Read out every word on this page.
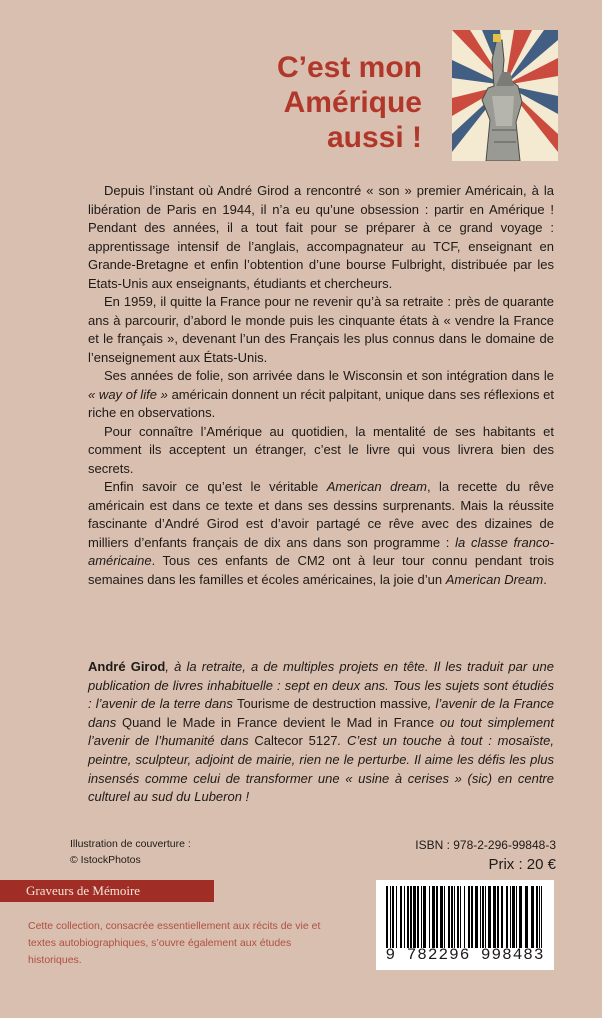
C’est mon
Amérique
aussi !

Depuis l’instant où André Girod a rencontré « son » premier Américain, à la libération de Paris en 1944, il n’a eu qu’une obsession : partir en Amérique ! Pendant des années, il a tout fait pour se préparer à ce grand voyage : apprentissage intensif de l’anglais, accompagnateur au TCF, enseignant en Grande-Bretagne et enfin l’obtention d’une bourse Fulbright, distribuée par les Etats-Unis aux enseignants, étudiants et chercheurs.

En 1959, il quitte la France pour ne revenir qu’à sa retraite : près de quarante ans à parcourir, d’abord le monde puis les cinquante états à « vendre la France et le français », devenant l’un des Français les plus connus dans le domaine de l’enseignement aux États-Unis.

Ses années de folie, son arrivée dans le Wisconsin et son intégration dans le « way of life » américain donnent un récit palpitant, unique dans ses réflexions et riche en observations.

Pour connaître l’Amérique au quotidien, la mentalité de ses habitants et comment ils acceptent un étranger, c’est le livre qui vous livrera bien des secrets.

Enfin savoir ce qu’est le véritable American dream, la recette du rêve américain est dans ce texte et dans ses dessins surprenants. Mais la réussite fascinante d’André Girod est d’avoir partagé ce rêve avec des dizaines de milliers d’enfants français de dix ans dans son programme : la classe franco-américaine. Tous ces enfants de CM2 ont à leur tour connu pendant trois semaines dans les familles et écoles américaines, la joie d’un American Dream.

André Girod, à la retraite, a de multiples projets en tête. Il les traduit par une publication de livres inhabituelle : sept en deux ans. Tous les sujets sont étudiés : l’avenir de la terre dans Tourisme de destruction massive, l’avenir de la France dans Quand le Made in France devient le Mad in France ou tout simplement l’avenir de l’humanité dans Caltecor 5127. C’est un touche à tout : mosaïste, peintre, sculpteur, adjoint de mairie, rien ne le perturbe. Il aime les défis les plus insensés comme celui de transformer une « usine à cerises » (sic) en centre culturel au sud du Luberon !
Illustration de couverture :
© IstockPhotos
ISBN : 978-2-296-99848-3
Prix : 20 €
Graveurs de Mémoire
Cette collection, consacrée essentiellement aux récits de vie et textes autobiographiques, s’ouvre également aux études historiques.	9 782296 998483
